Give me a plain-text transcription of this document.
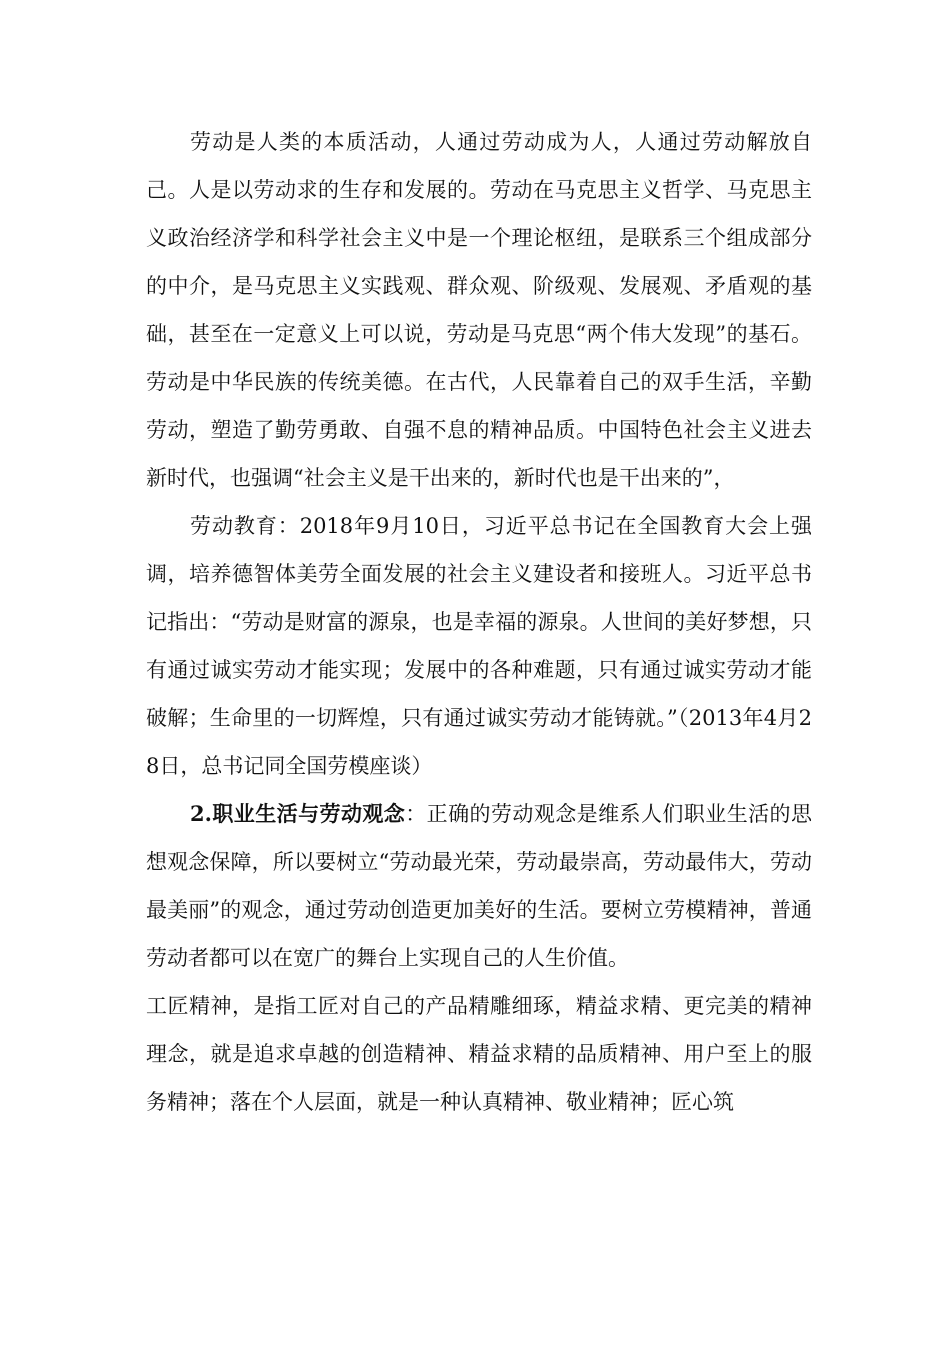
劳动是人类的本质活动，人通过劳动成为人，人通过劳动解放自己。人是以劳动求的生存和发展的。劳动在马克思主义哲学、马克思主义政治经济学和科学社会主义中是一个理论枢纽，是联系三个组成部分的中介，是马克思主义实践观、群众观、阶级观、发展观、矛盾观的基础，甚至在一定意义上可以说，劳动是马克思“两个伟大发现”的基石。劳动是中华民族的传统美德。在古代，人民靠着自己的双手生活，辛勤劳动，塑造了勤劳勇敢、自强不息的精神品质。中国特色社会主义进去新时代，也强调“社会主义是干出来的，新时代也是干出来的”，

劳动教育：2018年9月10日，习近平总书记在全国教育大会上强调，培养德智体美劳全面发展的社会主义建设者和接班人。习近平总书记指出：“劳动是财富的源泉，也是幸福的源泉。人世间的美好梦想，只有通过诚实劳动才能实现；发展中的各种难题，只有通过诚实劳动才能破解；生命里的一切辉煌，只有通过诚实劳动才能铸就。”（2013年4月28日，总书记同全国劳模座谈）

2.职业生活与劳动观念：正确的劳动观念是维系人们职业生活的思想观念保障，所以要树立“劳动最光荣，劳动最崇高，劳动最伟大，劳动最美丽”的观念，通过劳动创造更加美好的生活。要树立劳模精神，普通劳动者都可以在宽广的舞台上实现自己的人生价值。

工匠精神，是指工匠对自己的产品精雕细琢，精益求精、更完美的精神理念，就是追求卓越的创造精神、精益求精的品质精神、用户至上的服务精神；落在个人层面，就是一种认真精神、敬业精神；匠心筑
